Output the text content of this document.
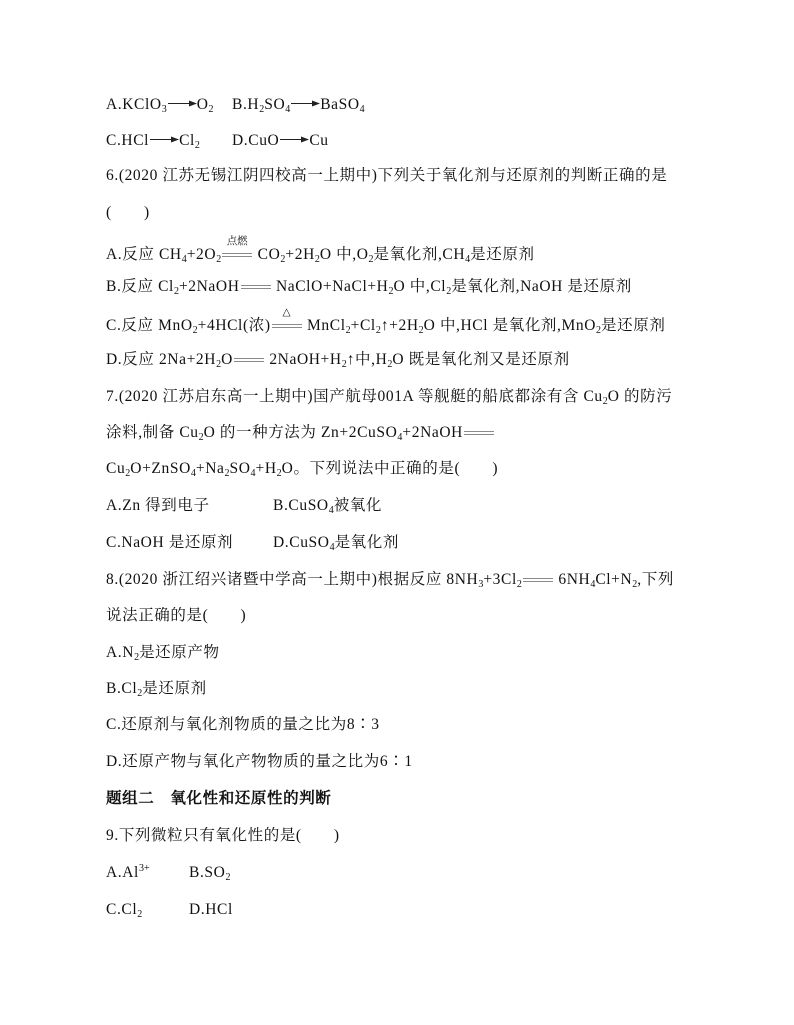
$A.KClO_3\to O_2$ $B.H_2SO_4\to BaSO_4$
$C.HCl\to Cl_2$ D.CuO→Cu
6.(2020 江苏无锡江阴四校高一上期中)下列关于氧化剂与还原剂的判断正确的是
(　　)
A.反应 $CH_4+2O_2$
点燃
$CO_2+2H_2O$ 中$,O_2$是氧化剂$,CH_4$是还原剂
B.反应 $Cl_2+2NaOH$
$NaClO+NaCl+H_2O$ 中$,Cl_2$是氧化剂,NaOH 是还原剂
C.反应 MnO$_2$+4HCl(浓)
△
$MnCl_2+Cl_2↑+2H_2O$ 中,HCl 是氧化剂,MnO$_2$是还原剂
D.反应 $2Na+2H_2O$
$2NaOH+H_2↑$中$,H_2O$ 既是氧化剂又是还原剂
7.(2020 江苏启东高一上期中)国产航母001A 等舰艇的船底都涂有含 $Cu_2O$ 的防污
涂料,制备 $Cu_2O$ 的一种方法为 Zn+2CuSO$_4$+2NaOH
$Cu_2O+ZnSO_4+Na_2SO_4+H_2O$。下列说法中正确的是(　　)
A.Zn 得到电子	B.CuSO$_4$被氧化
C.NaOH 是还原剂	D.CuSO$_4$是氧化剂
8.(2020 浙江绍兴诸暨中学高一上期中)根据反应 $8NH_3+3Cl_2$
$6NH_4Cl+N_2$,下列
说法正确的是(　　)
$A.N_2$是还原产物
$B.Cl_2$是还原剂
C.还原剂与氧化剂物质的量之比为8∶3
D.还原产物与氧化产物物质的量之比为6∶1
题组二　氧化性和还原性的判断
9.下列微粒只有氧化性的是(　　)
$A.Al^{3+}$	$B.SO_2$
$C.Cl_2$	D.HCl
